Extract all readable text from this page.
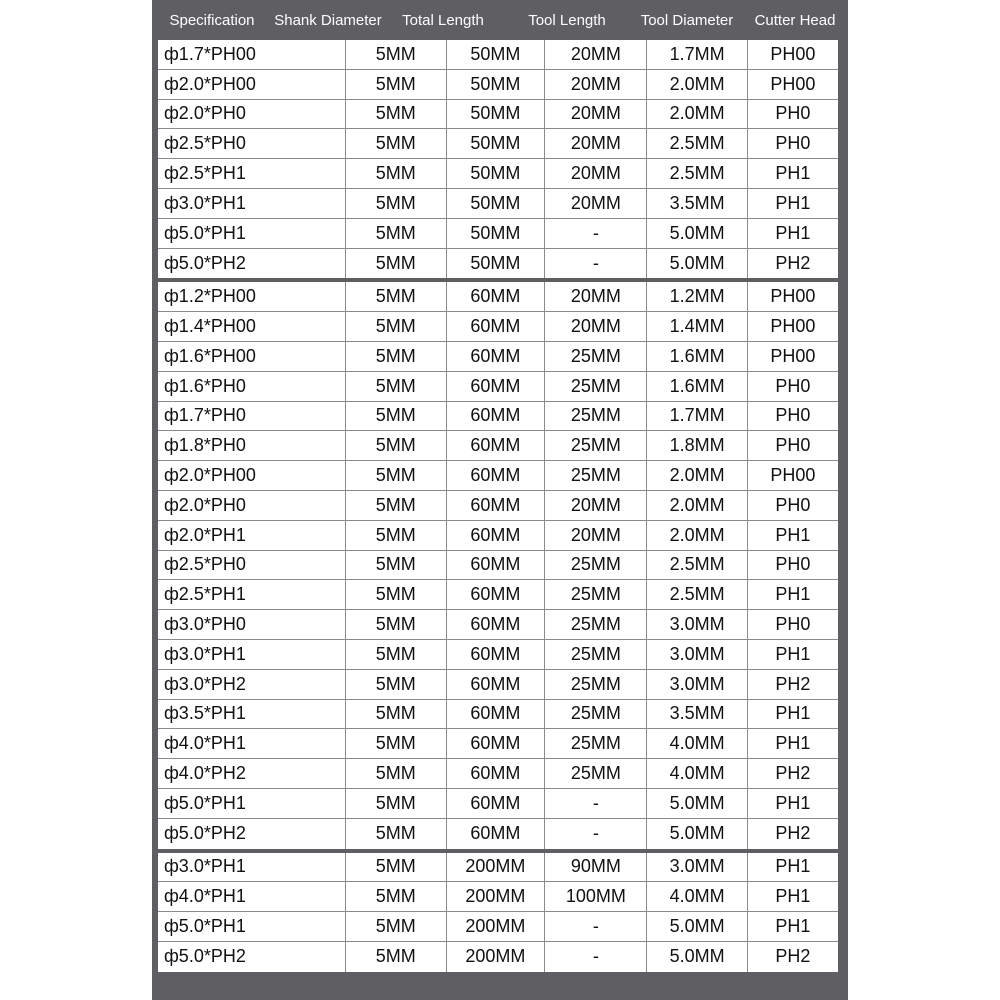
Specification	Shank Diameter	Total Length	Tool Length	Tool Diameter	Cutter Head
ф1.7*PH00	5MM	50MM	20MM	1.7MM	PH00
ф2.0*PH00	5MM	50MM	20MM	2.0MM	PH00
ф2.0*PH0	5MM	50MM	20MM	2.0MM	PH0
ф2.5*PH0	5MM	50MM	20MM	2.5MM	PH0
ф2.5*PH1	5MM	50MM	20MM	2.5MM	PH1
ф3.0*PH1	5MM	50MM	20MM	3.5MM	PH1
ф5.0*PH1	5MM	50MM	-	5.0MM	PH1
ф5.0*PH2	5MM	50MM	-	5.0MM	PH2
ф1.2*PH00	5MM	60MM	20MM	1.2MM	PH00
ф1.4*PH00	5MM	60MM	20MM	1.4MM	PH00
ф1.6*PH00	5MM	60MM	25MM	1.6MM	PH00
ф1.6*PH0	5MM	60MM	25MM	1.6MM	PH0
ф1.7*PH0	5MM	60MM	25MM	1.7MM	PH0
ф1.8*PH0	5MM	60MM	25MM	1.8MM	PH0
ф2.0*PH00	5MM	60MM	25MM	2.0MM	PH00
ф2.0*PH0	5MM	60MM	20MM	2.0MM	PH0
ф2.0*PH1	5MM	60MM	20MM	2.0MM	PH1
ф2.5*PH0	5MM	60MM	25MM	2.5MM	PH0
ф2.5*PH1	5MM	60MM	25MM	2.5MM	PH1
ф3.0*PH0	5MM	60MM	25MM	3.0MM	PH0
ф3.0*PH1	5MM	60MM	25MM	3.0MM	PH1
ф3.0*PH2	5MM	60MM	25MM	3.0MM	PH2
ф3.5*PH1	5MM	60MM	25MM	3.5MM	PH1
ф4.0*PH1	5MM	60MM	25MM	4.0MM	PH1
ф4.0*PH2	5MM	60MM	25MM	4.0MM	PH2
ф5.0*PH1	5MM	60MM	-	5.0MM	PH1
ф5.0*PH2	5MM	60MM	-	5.0MM	PH2
ф3.0*PH1	5MM	200MM	90MM	3.0MM	PH1
ф4.0*PH1	5MM	200MM	100MM	4.0MM	PH1
ф5.0*PH1	5MM	200MM	-	5.0MM	PH1
ф5.0*PH2	5MM	200MM	-	5.0MM	PH2
